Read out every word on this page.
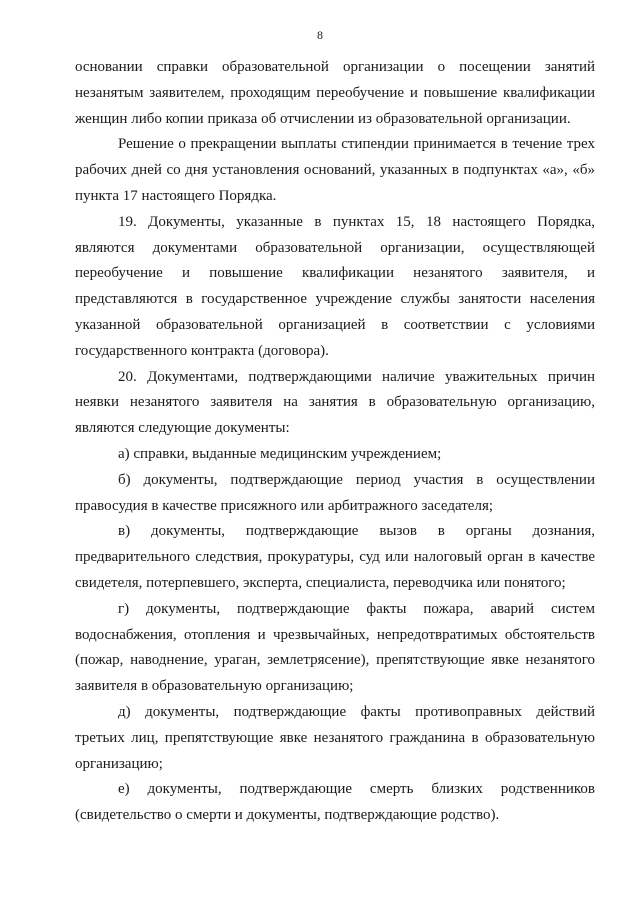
8

основании справки образовательной организации о посещении занятий незанятым заявителем, проходящим переобучение и повышение квалификации женщин либо копии приказа об отчислении из образовательной организации.

Решение о прекращении выплаты стипендии принимается в течение трех рабочих дней со дня установления оснований, указанных в подпунктах «а», «б» пункта 17 настоящего Порядка.

19. Документы, указанные в пунктах 15, 18 настоящего Порядка, являются документами образовательной организации, осуществляющей переобучение и повышение квалификации незанятого заявителя, и представляются в государственное учреждение службы занятости населения указанной образовательной организацией в соответствии с условиями государственного контракта (договора).

20. Документами, подтверждающими наличие уважительных причин неявки незанятого заявителя на занятия в образовательную организацию, являются следующие документы:

а) справки, выданные медицинским учреждением;

б) документы, подтверждающие период участия в осуществлении правосудия в качестве присяжного или арбитражного заседателя;

в) документы, подтверждающие вызов в органы дознания, предварительного следствия, прокуратуры, суд или налоговый орган в качестве свидетеля, потерпевшего, эксперта, специалиста, переводчика или понятого;

г) документы, подтверждающие факты пожара, аварий систем водоснабжения, отопления и чрезвычайных, непредотвратимых обстоятельств (пожар, наводнение, ураган, землетрясение), препятствующие явке незанятого заявителя в образовательную организацию;

д) документы, подтверждающие факты противоправных действий третьих лиц, препятствующие явке незанятого гражданина в образовательную организацию;

е) документы, подтверждающие смерть близких родственников (свидетельство о смерти и документы, подтверждающие родство).
